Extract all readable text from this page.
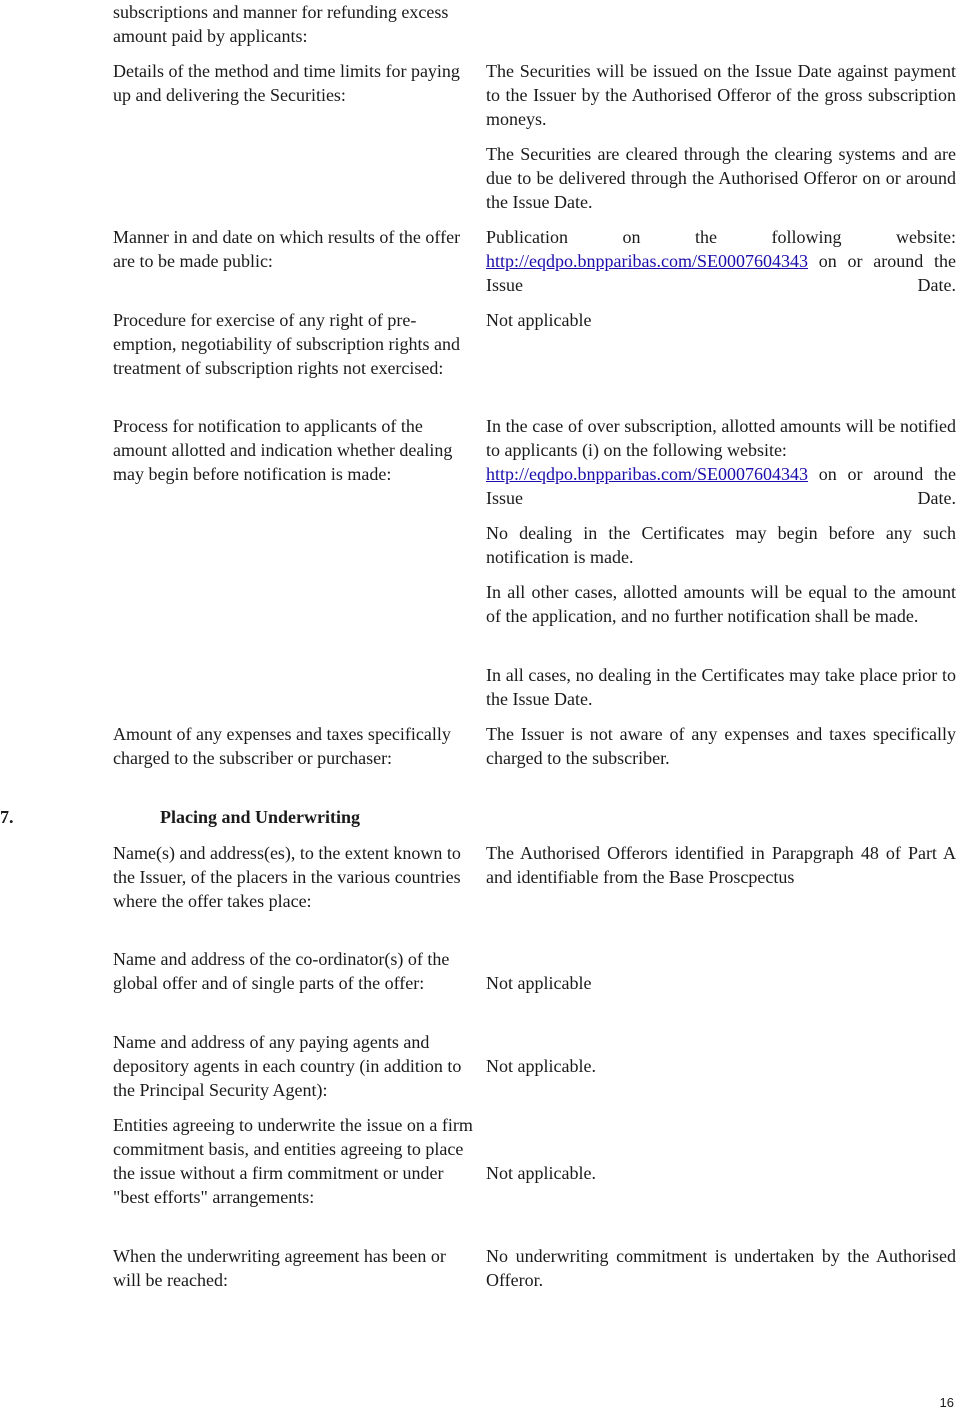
subscriptions and manner for refunding excess amount paid by applicants:

Details of the method and time limits for paying up and delivering the Securities:

Manner in and date on which results of the offer are to be made public:

Procedure for exercise of any right of pre-emption, negotiability of subscription rights and treatment of subscription rights not exercised:

Process for notification to applicants of the amount allotted and indication whether dealing may begin before notification is made:

Amount of any expenses and taxes specifically charged to the subscriber or purchaser:

The Securities will be issued on the Issue Date against payment to the Issuer by the Authorised Offeror of the gross subscription moneys.

The Securities are cleared through the clearing systems and are due to be delivered through the Authorised Offeror on or around the Issue Date.

Publication on the following website:
http://eqdpo.bnpparibas.com/SE0007604343 on or around the Issue Date.

Not applicable

In the case of over subscription, allotted amounts will be notified to applicants (i) on the following website:
http://eqdpo.bnpparibas.com/SE0007604343 on or around the Issue Date.

No dealing in the Certificates may begin before any such notification is made.

In all other cases, allotted amounts will be equal to the amount of the application, and no further notification shall be made.

In all cases, no dealing in the Certificates may take place prior to the Issue Date.

The Issuer is not aware of any expenses and taxes specifically charged to the subscriber.

7.	Placing and Underwriting

Name(s) and address(es), to the extent known to the Issuer, of the placers in the various countries where the offer takes place:

The Authorised Offerors identified in Parapgraph 48 of Part A and identifiable from the Base Proscpectus

Name and address of the co-ordinator(s) of the global offer and of single parts of the offer:	Not applicable

Name and address of any paying agents and depository agents in each country (in addition to the Principal Security Agent):

Not applicable.

Entities agreeing to underwrite the issue on a firm commitment basis, and entities agreeing to place the issue without a firm commitment or under "best efforts" arrangements:

Not applicable.

When the underwriting agreement has been or will be reached:

No underwriting commitment is undertaken by the Authorised Offeror.

16
